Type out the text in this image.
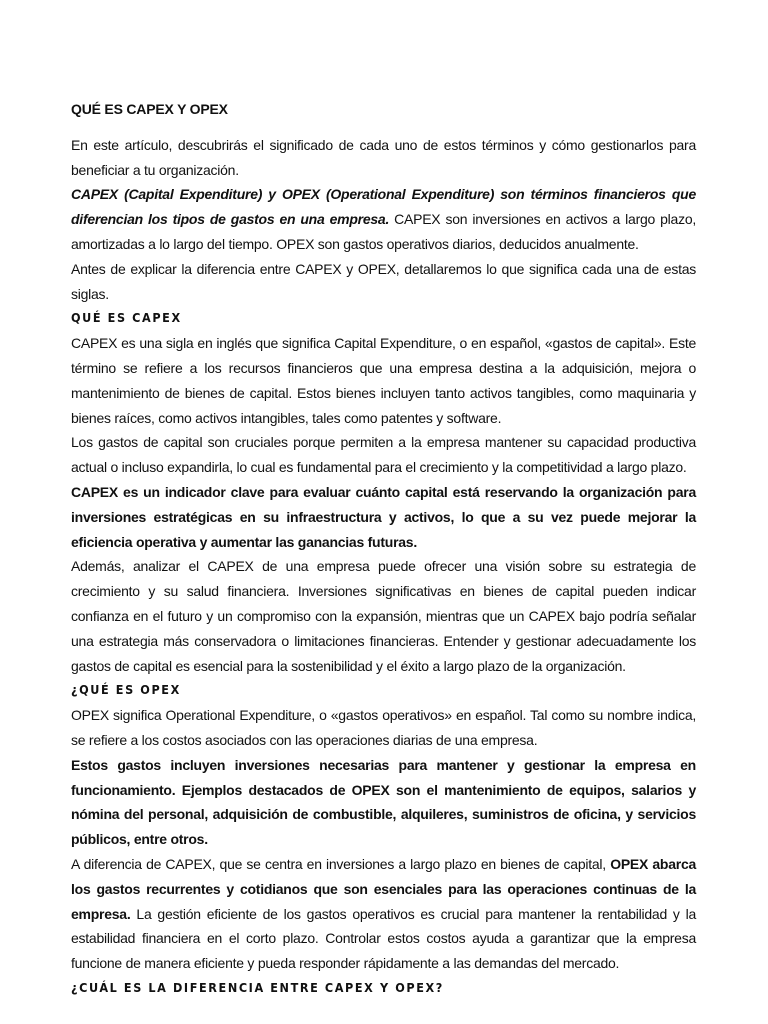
QUÉ ES CAPEX Y OPEX

En este artículo, descubrirás el significado de cada uno de estos términos y cómo gestionarlos para beneficiar a tu organización.

CAPEX (Capital Expenditure) y OPEX (Operational Expenditure) son términos financieros que diferencian los tipos de gastos en una empresa. CAPEX son inversiones en activos a largo plazo, amortizadas a lo largo del tiempo. OPEX son gastos operativos diarios, deducidos anualmente.

Antes de explicar la diferencia entre CAPEX y OPEX, detallaremos lo que significa cada una de estas siglas.

QUÉ ES CAPEX

CAPEX es una sigla en inglés que significa Capital Expenditure, o en español, «gastos de capital». Este término se refiere a los recursos financieros que una empresa destina a la adquisición, mejora o mantenimiento de bienes de capital. Estos bienes incluyen tanto activos tangibles, como maquinaria y bienes raíces, como activos intangibles, tales como patentes y software.

Los gastos de capital son cruciales porque permiten a la empresa mantener su capacidad productiva actual o incluso expandirla, lo cual es fundamental para el crecimiento y la competitividad a largo plazo.

CAPEX es un indicador clave para evaluar cuánto capital está reservando la organización para inversiones estratégicas en su infraestructura y activos, lo que a su vez puede mejorar la eficiencia operativa y aumentar las ganancias futuras.

Además, analizar el CAPEX de una empresa puede ofrecer una visión sobre su estrategia de crecimiento y su salud financiera. Inversiones significativas en bienes de capital pueden indicar confianza en el futuro y un compromiso con la expansión, mientras que un CAPEX bajo podría señalar una estrategia más conservadora o limitaciones financieras. Entender y gestionar adecuadamente los gastos de capital es esencial para la sostenibilidad y el éxito a largo plazo de la organización.

¿QUÉ ES OPEX

OPEX significa Operational Expenditure, o «gastos operativos» en español. Tal como su nombre indica, se refiere a los costos asociados con las operaciones diarias de una empresa.

Estos gastos incluyen inversiones necesarias para mantener y gestionar la empresa en funcionamiento. Ejemplos destacados de OPEX son el mantenimiento de equipos, salarios y nómina del personal, adquisición de combustible, alquileres, suministros de oficina, y servicios públicos, entre otros.

A diferencia de CAPEX, que se centra en inversiones a largo plazo en bienes de capital, OPEX abarca los gastos recurrentes y cotidianos que son esenciales para las operaciones continuas de la empresa. La gestión eficiente de los gastos operativos es crucial para mantener la rentabilidad y la estabilidad financiera en el corto plazo. Controlar estos costos ayuda a garantizar que la empresa funcione de manera eficiente y pueda responder rápidamente a las demandas del mercado.

¿CUÁL ES LA DIFERENCIA ENTRE CAPEX Y OPEX?
